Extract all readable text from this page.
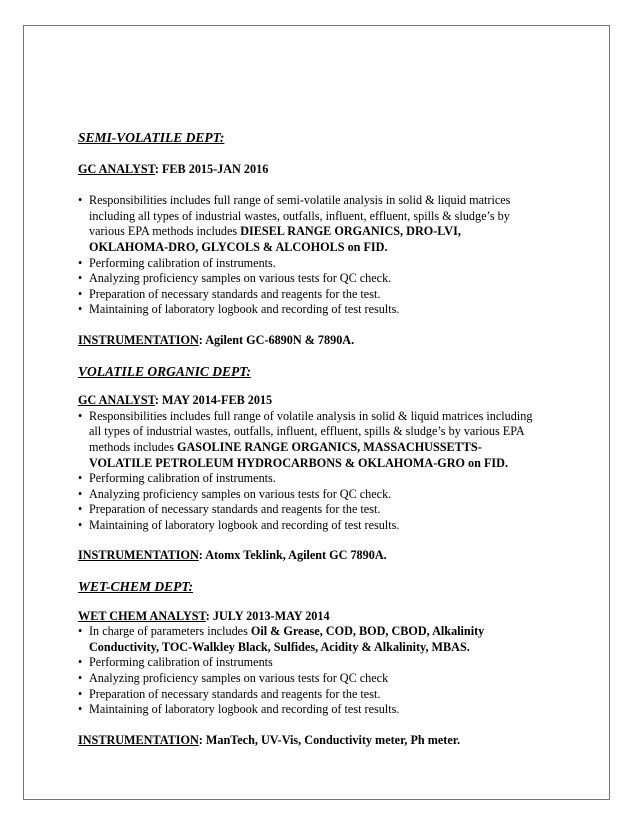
SEMI-VOLATILE DEPT:

GC ANALYST: FEB 2015-JAN 2016

• Responsibilities includes full range of semi-volatile analysis in solid & liquid matrices including all types of industrial wastes, outfalls, influent, effluent, spills & sludge’s by various EPA methods includes DIESEL RANGE ORGANICS, DRO-LVI, OKLAHOMA-DRO, GLYCOLS & ALCOHOLS on FID.
• Performing calibration of instruments.
• Analyzing proficiency samples on various tests for QC check.
• Preparation of necessary standards and reagents for the test.
• Maintaining of laboratory logbook and recording of test results.

INSTRUMENTATION: Agilent GC-6890N & 7890A.

VOLATILE ORGANIC DEPT:

GC ANALYST: MAY 2014-FEB 2015

• Responsibilities includes full range of volatile analysis in solid & liquid matrices including all types of industrial wastes, outfalls, influent, effluent, spills & sludge’s by various EPA methods includes GASOLINE RANGE ORGANICS, MASSACHUSSETTS-VOLATILE PETROLEUM HYDROCARBONS & OKLAHOMA-GRO on FID.
• Performing calibration of instruments.
• Analyzing proficiency samples on various tests for QC check.
• Preparation of necessary standards and reagents for the test.
• Maintaining of laboratory logbook and recording of test results.

INSTRUMENTATION: Atomx Teklink, Agilent GC 7890A.

WET-CHEM DEPT:

WET CHEM ANALYST: JULY 2013-MAY 2014

• In charge of parameters includes Oil & Grease, COD, BOD, CBOD, Alkalinity Conductivity, TOC-Walkley Black, Sulfides, Acidity & Alkalinity, MBAS.
• Performing calibration of instruments
• Analyzing proficiency samples on various tests for QC check
• Preparation of necessary standards and reagents for the test.
• Maintaining of laboratory logbook and recording of test results.

INSTRUMENTATION: ManTech, UV-Vis, Conductivity meter, Ph meter.
